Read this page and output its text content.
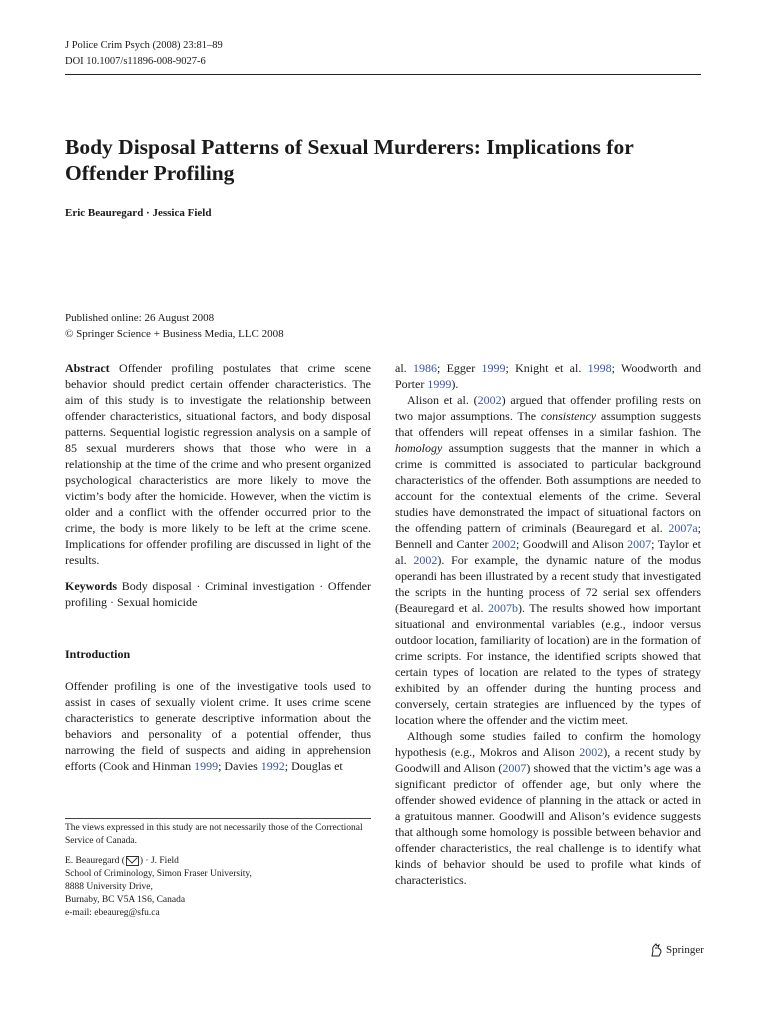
J Police Crim Psych (2008) 23:81–89
DOI 10.1007/s11896-008-9027-6
Body Disposal Patterns of Sexual Murderers: Implications for Offender Profiling
Eric Beauregard · Jessica Field
Published online: 26 August 2008
© Springer Science + Business Media, LLC 2008

Abstract Offender profiling postulates that crime scene behavior should predict certain offender characteristics. The aim of this study is to investigate the relationship between offender characteristics, situational factors, and body disposal patterns. Sequential logistic regression analysis on a sample of 85 sexual murderers shows that those who were in a relationship at the time of the crime and who present organized psychological characteristics are more likely to move the victim’s body after the homicide. However, when the victim is older and a conflict with the offender occurred prior to the crime, the body is more likely to be left at the crime scene. Implications for offender profiling are discussed in light of the results.

Keywords Body disposal · Criminal investigation · Offender profiling · Sexual homicide

Introduction

Offender profiling is one of the investigative tools used to assist in cases of sexually violent crime. It uses crime scene characteristics to generate descriptive information about the behaviors and personality of a potential offender, thus narrowing the field of suspects and aiding in apprehension efforts (Cook and Hinman 1999; Davies 1992; Douglas et

The views expressed in this study are not necessarily those of the Correctional Service of Canada.
E. Beauregard ( ) · J. Field
School of Criminology, Simon Fraser University,
8888 University Drive,
Burnaby, BC V5A 1S6, Canada
e-mail: ebeaureg@sfu.ca

al. 1986; Egger 1999; Knight et al. 1998; Woodworth and Porter 1999).

Alison et al. (2002) argued that offender profiling rests on two major assumptions. The consistency assumption suggests that offenders will repeat offenses in a similar fashion. The homology assumption suggests that the manner in which a crime is committed is associated to particular background characteristics of the offender. Both assumptions are needed to account for the contextual elements of the crime. Several studies have demonstrated the impact of situational factors on the offending pattern of criminals (Beauregard et al. 2007a; Bennell and Canter 2002; Goodwill and Alison 2007; Taylor et al. 2002). For example, the dynamic nature of the modus operandi has been illustrated by a recent study that investigated the scripts in the hunting process of 72 serial sex offenders (Beauregard et al. 2007b). The results showed how important situational and environmental variables (e.g., indoor versus outdoor location, familiarity of location) are in the formation of crime scripts. For instance, the identified scripts showed that certain types of location are related to the types of strategy exhibited by an offender during the hunting process and conversely, certain strategies are influenced by the types of location where the offender and the victim meet.

Although some studies failed to confirm the homology hypothesis (e.g., Mokros and Alison 2002), a recent study by Goodwill and Alison (2007) showed that the victim’s age was a significant predictor of offender age, but only where the offender showed evidence of planning in the attack or acted in a gratuitous manner. Goodwill and Alison’s evidence suggests that although some homology is possible between behavior and offender characteristics, the real challenge is to identify what kinds of behavior should be used to profile what kinds of characteristics.

Springer
